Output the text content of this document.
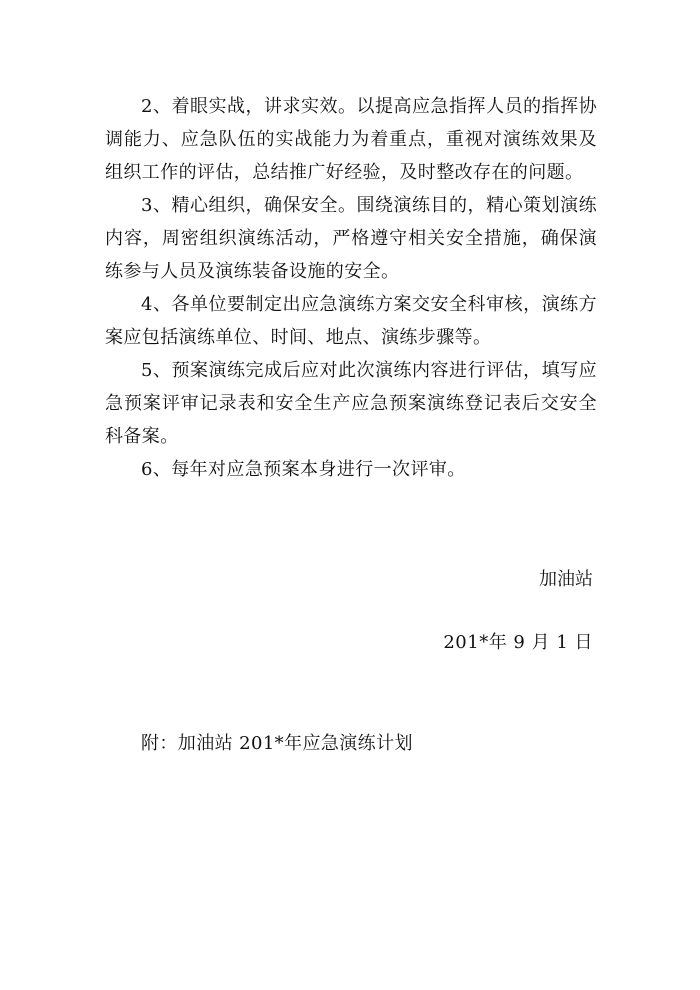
2、着眼实战，讲求实效。以提高应急指挥人员的指挥协调能力、应急队伍的实战能力为着重点，重视对演练效果及组织工作的评估，总结推广好经验，及时整改存在的问题。

3、精心组织，确保安全。围绕演练目的，精心策划演练内容，周密组织演练活动，严格遵守相关安全措施，确保演练参与人员及演练装备设施的安全。

4、各单位要制定出应急演练方案交安全科审核，演练方案应包括演练单位、时间、地点、演练步骤等。

5、预案演练完成后应对此次演练内容进行评估，填写应急预案评审记录表和安全生产应急预案演练登记表后交安全科备案。

6、每年对应急预案本身进行一次评审。

加油站
201*年 9 月 1 日
附：加油站 201*年应急演练计划
